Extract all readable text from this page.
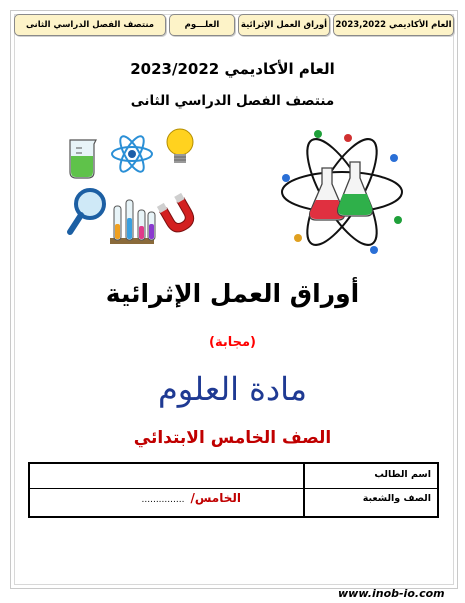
العام الأكاديمي 2023,2022
أوراق العمل الإثرائية
العلـــوم
منتصف الفصل الدراسي الثانى
العام الأكاديمي 2023/2022
منتصف الفصل الدراسي الثانى
أوراق العمل الإثرائية
(مجابة)
مادة العلوم
الصف الخامس الابتدائي
اسم الطالب
الصف والشعبة
الخامس/...............
www.inob-io.com
